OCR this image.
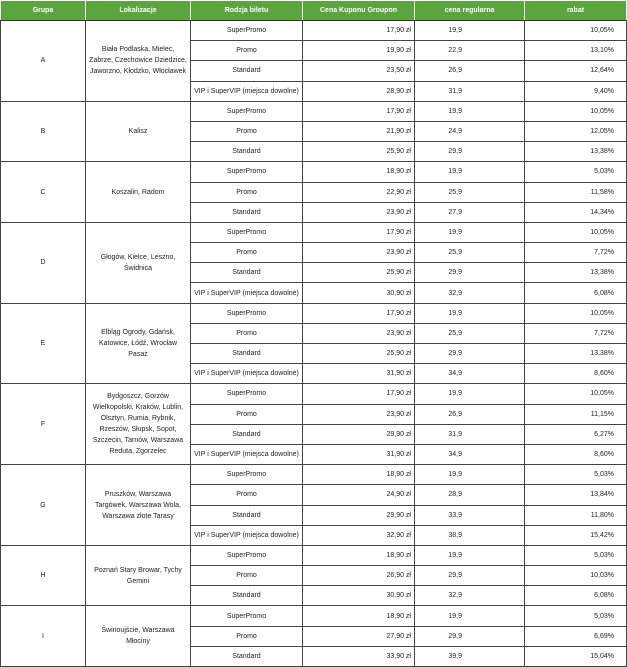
Grupa	Lokalizacje	Rodzja biletu	Cena Kuponu Groupon	cena regularna	rabat
A	Biała Podlaska, Mielec, Zabrze, Czechowice Dziedzice, Jaworzno, Kłodzko, Włocławek	SuperPromo	17,90 zł	19,9	10,05%
		Promo	19,90 zł	22,9	13,10%
		Standard	23,50 zł	26,9	12,64%
		VIP i SuperVIP (miejsca dowolne)	28,90 zł	31,9	9,40%
B	Kalisz	SuperPromo	17,90 zł	19,9	10,05%
		Promo	21,90 zł	24,9	12,05%
		Standard	25,90 zł	29,9	13,38%
C	Koszalin, Radom	SuperPromo	18,90 zł	19,9	5,03%
		Promo	22,90 zł	25,9	11,58%
		Standard	23,90 zł	27,9	14,34%
D	Głogów, Kielce, Leszno, Świdnica	SuperPromo	17,90 zł	19,9	10,05%
		Promo	23,90 zł	25,9	7,72%
		Standard	25,90 zł	29,9	13,38%
		VIP i SuperVIP (miejsca dowolne)	30,90 zł	32,9	6,08%
E	Elbląg Ogrody, Gdańsk, Katowice, Łódź, Wrocław Pasaż	SuperPromo	17,90 zł	19,9	10,05%
		Promo	23,90 zł	25,9	7,72%
		Standard	25,90 zł	29,9	13,38%
		VIP i SuperVIP (miejsca dowolne)	31,90 zł	34,9	8,60%
F	Bydgoszcz, Gorzów Wielkopolski, Kraków, Lublin, Olsztyn, Rumia, Rybnik, Rzeszów, Słupsk, Sopot, Szczecin, Tarnów, Warszawa Reduta, Zgorzelec	SuperPromo	17,90 zł	19,9	10,05%
		Promo	23,90 zł	26,9	11,15%
		Standard	29,90 zł	31,9	6,27%
		VIP i SuperVIP (miejsca dowolne)	31,90 zł	34,9	8,60%
G	Pruszków, Warszawa Targówek, Warszawa Wola, Warszawa złote Tarasy	SuperPromo	18,90 zł	19,9	5,03%
		Promo	24,90 zł	28,9	13,84%
		Standard	29,90 zł	33,9	11,80%
		VIP i SuperVIP (miejsca dowolne)	32,90 zł	38,9	15,42%
H	Poznań Stary Browar, Tychy Gemini	SuperPromo	18,90 zł	19,9	5,03%
		Promo	26,90 zł	29,9	10,03%
		Standard	30,90 zł	32,9	6,08%
I	Świnoujście, Warszawa Młociny	SuperPromo	18,90 zł	19,9	5,03%
		Promo	27,90 zł	29,9	6,69%
		Standard	33,90 zł	39,9	15,04%
